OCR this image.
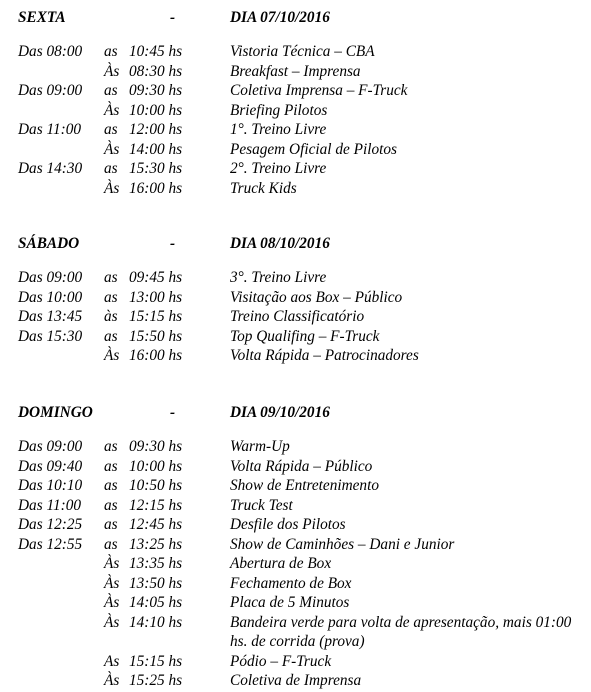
SEXTA	-	DIA 07/10/2016
Das 08:00 as 10:45 hs	Vistoria Técnica – CBA
Às 08:30 hs	Breakfast – Imprensa
Das 09:00 as 09:30 hs	Coletiva Imprensa – F-Truck
Às 10:00 hs	Briefing Pilotos
Das 11:00 as 12:00 hs	1°. Treino Livre
Às 14:00 hs	Pesagem Oficial de Pilotos
Das 14:30 as 15:30 hs	2°. Treino Livre
Às 16:00 hs	Truck Kids
SÁBADO	-	DIA 08/10/2016
Das 09:00 as 09:45 hs	3°. Treino Livre
Das 10:00 as 13:00 hs	Visitação aos Box – Público
Das 13:45 às 15:15 hs	Treino Classificatório
Das 15:30 as 15:50 hs	Top Qualifing – F-Truck
Às 16:00 hs	Volta Rápida – Patrocinadores
DOMINGO	-	DIA 09/10/2016
Das 09:00 as 09:30 hs	Warm-Up
Das 09:40 as 10:00 hs	Volta Rápida – Público
Das 10:10 as 10:50 hs	Show de Entretenimento
Das 11:00 as 12:15 hs	Truck Test
Das 12:25 as 12:45 hs	Desfile dos Pilotos
Das 12:55 as 13:25 hs	Show de Caminhões – Dani e Junior
Às 13:35 hs	Abertura de Box
Às 13:50 hs	Fechamento de Box
Às 14:05 hs	Placa de 5 Minutos
Às 14:10 hs	Bandeira verde para volta de apresentação, mais 01:00 hs. de corrida (prova)
As 15:15 hs	Pódio – F-Truck
Às 15:25 hs	Coletiva de Imprensa
